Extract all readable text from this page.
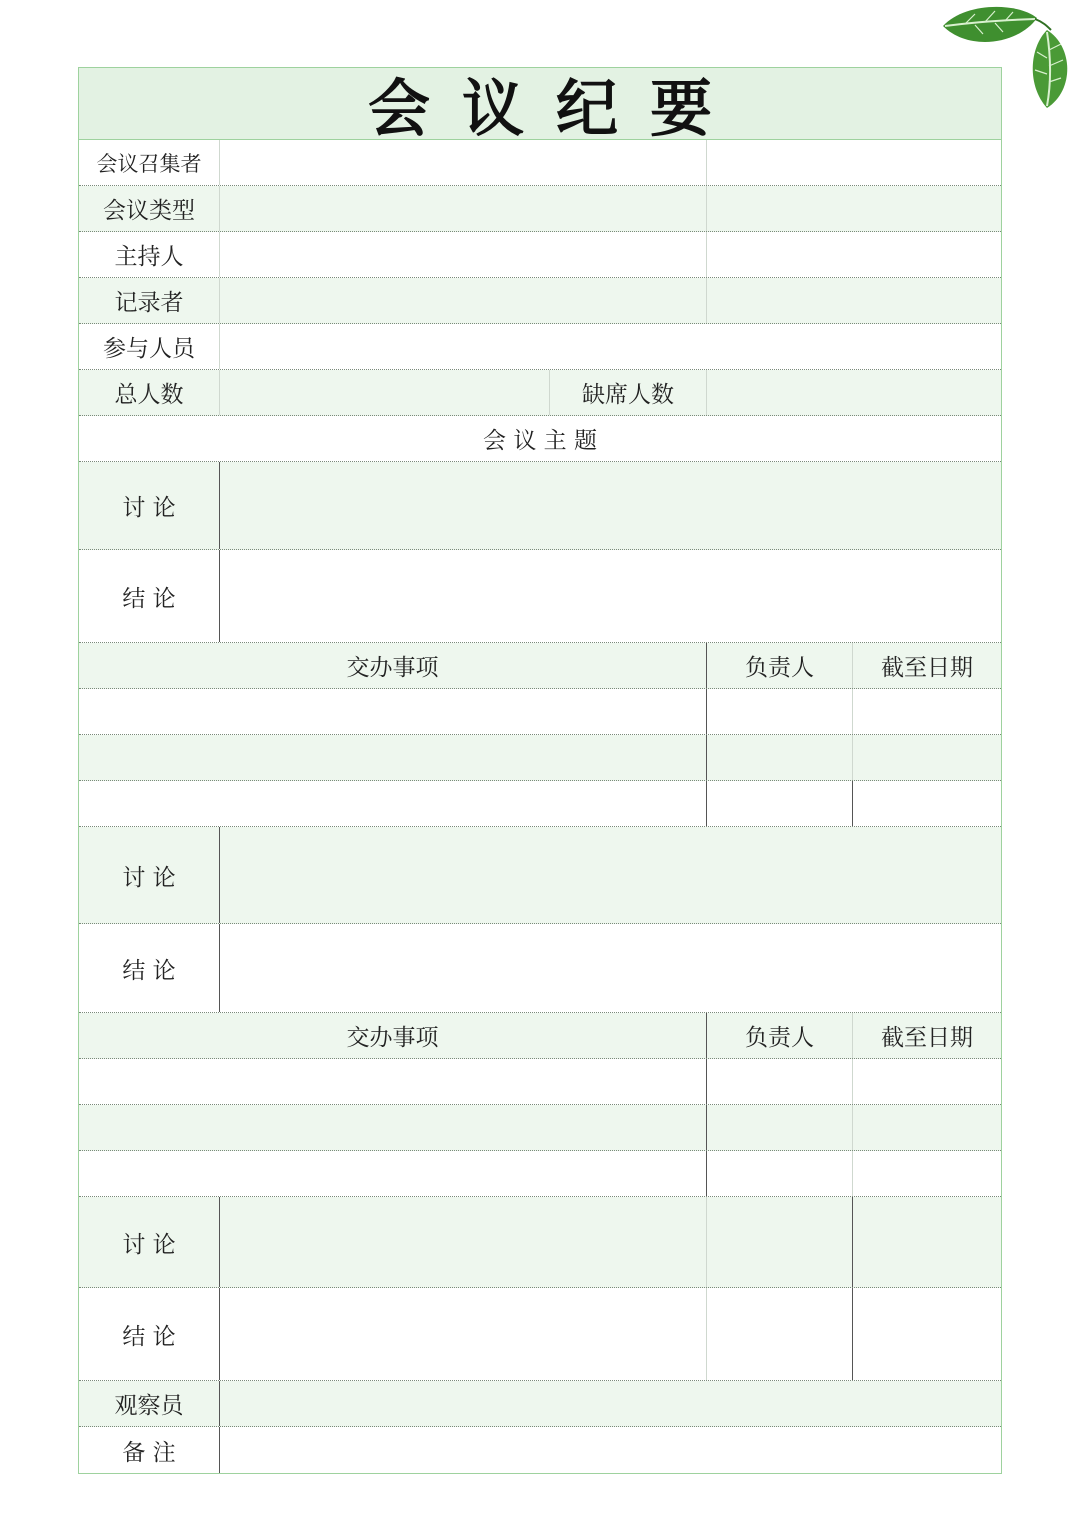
会议纪要
会议召集者
会议类型
主持人
记录者
参与人员
总人数	缺席人数
会 议 主 题
讨 论
结 论
交办事项	负责人	截至日期
讨 论
结 论
交办事项	负责人	截至日期
讨 论
结 论
观察员
备 注
